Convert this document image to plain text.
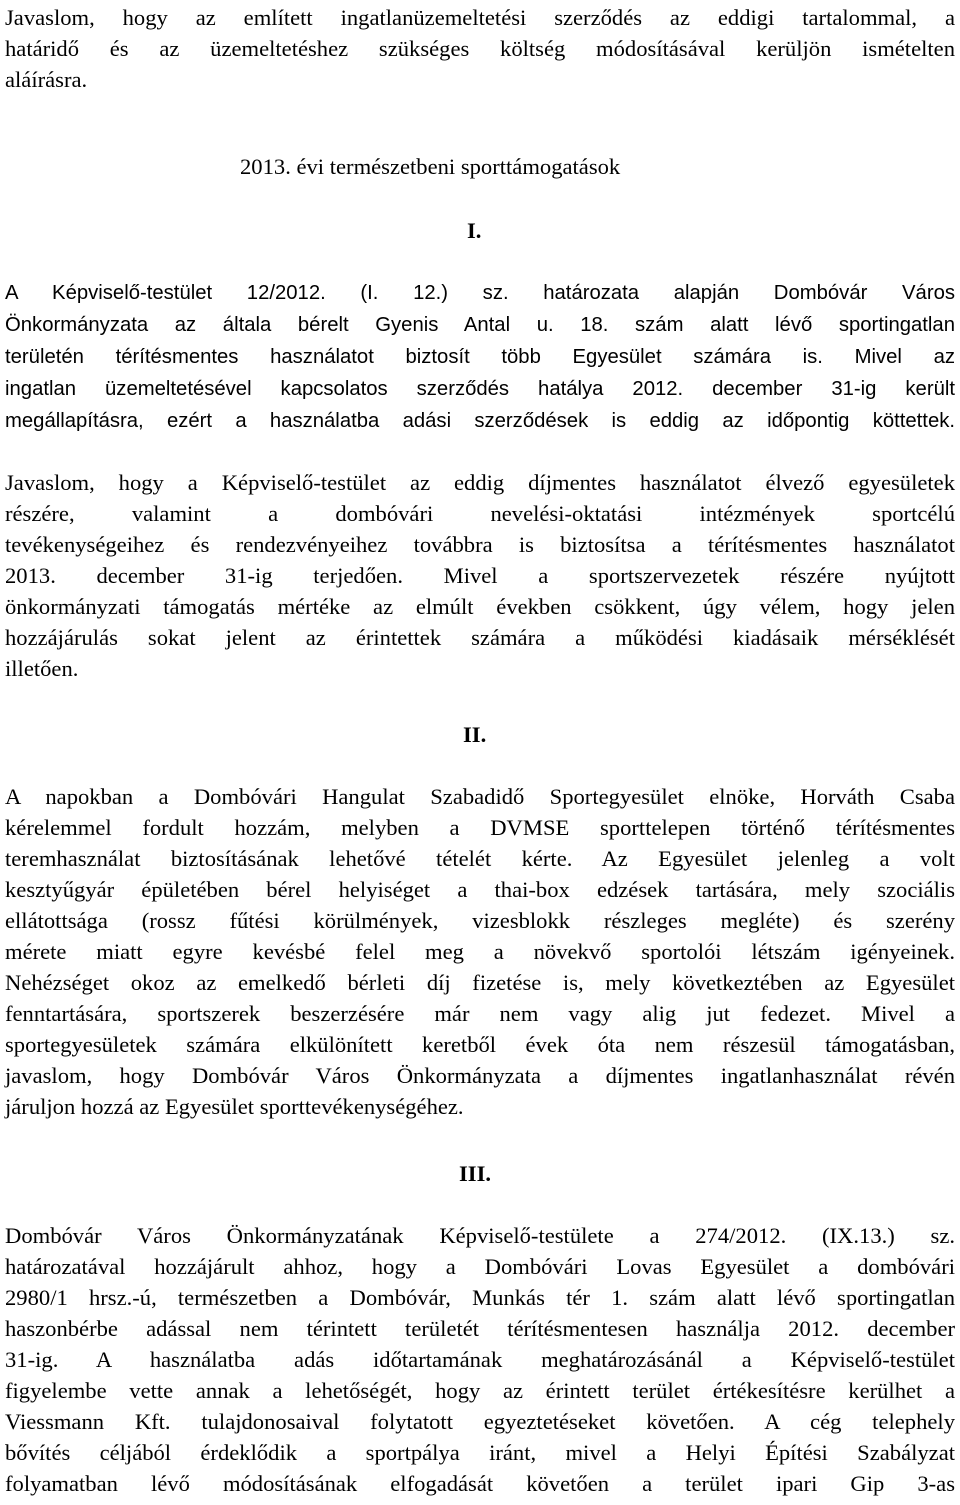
Javaslom, hogy az említett ingatlanüzemeltetési szerződés az eddigi tartalommal, a
határidő és az üzemeltetéshez szükséges költség módosításával kerüljön ismételten
aláírásra.
2013. évi természetbeni sporttámogatások
I.
A Képviselő-testület 12/2012. (I. 12.) sz. határozata alapján Dombóvár Város
Önkormányzata az általa bérelt Gyenis Antal u. 18. szám alatt lévő sportingatlan
területén térítésmentes használatot biztosít több Egyesület számára is. Mivel az
ingatlan üzemeltetésével kapcsolatos szerződés hatálya 2012. december 31-ig került
megállapításra, ezért a használatba adási szerződések is eddig az időpontig köttettek.
Javaslom, hogy a Képviselő-testület az eddig díjmentes használatot élvező egyesületek
részére, valamint a dombóvári nevelési-oktatási intézmények sportcélú
tevékenységeihez és rendezvényeihez továbbra is biztosítsa a térítésmentes használatot
2013. december 31-ig terjedően. Mivel a sportszervezetek részére nyújtott
önkormányzati támogatás mértéke az elmúlt években csökkent, úgy vélem, hogy jelen
hozzájárulás sokat jelent az érintettek számára a működési kiadásaik mérséklését
illetően.
II.
A napokban a Dombóvári Hangulat Szabadidő Sportegyesület elnöke, Horváth Csaba
kérelemmel fordult hozzám, melyben a DVMSE sporttelepen történő térítésmentes
teremhasználat biztosításának lehetővé tételét kérte. Az Egyesület jelenleg a volt
kesztyűgyár épületében bérel helyiséget a thai-box edzések tartására, mely szociális
ellátottsága (rossz fűtési körülmények, vizesblokk részleges megléte) és szerény
mérete miatt egyre kevésbé felel meg a növekvő sportolói létszám igényeinek.
Nehézséget okoz az emelkedő bérleti díj fizetése is, mely következtében az Egyesület
fenntartására, sportszerek beszerzésére már nem vagy alig jut fedezet. Mivel a
sportegyesületek számára elkülönített keretből évek óta nem részesül támogatásban,
javaslom, hogy Dombóvár Város Önkormányzata a díjmentes ingatlanhasználat révén
járuljon hozzá az Egyesület sporttevékenységéhez.
III.
Dombóvár Város Önkormányzatának Képviselő-testülete a 274/2012. (IX.13.) sz.
határozatával hozzájárult ahhoz, hogy a Dombóvári Lovas Egyesület a dombóvári
2980/1 hrsz.-ú, természetben a Dombóvár, Munkás tér 1. szám alatt lévő sportingatlan
haszonbérbe adással nem térintett területét térítésmentesen használja 2012. december
31-ig. A használatba adás időtartamának meghatározásánál a Képviselő-testület
figyelembe vette annak a lehetőségét, hogy az érintett terület értékesítésre kerülhet a
Viessmann Kft. tulajdonosaival folytatott egyeztetéseket követően. A cég telephely
bővítés céljából érdeklődik a sportpálya iránt, mivel a Helyi Építési Szabályzat
folyamatban lévő módosításának elfogadását követően a terület ipari Gip 3-as
